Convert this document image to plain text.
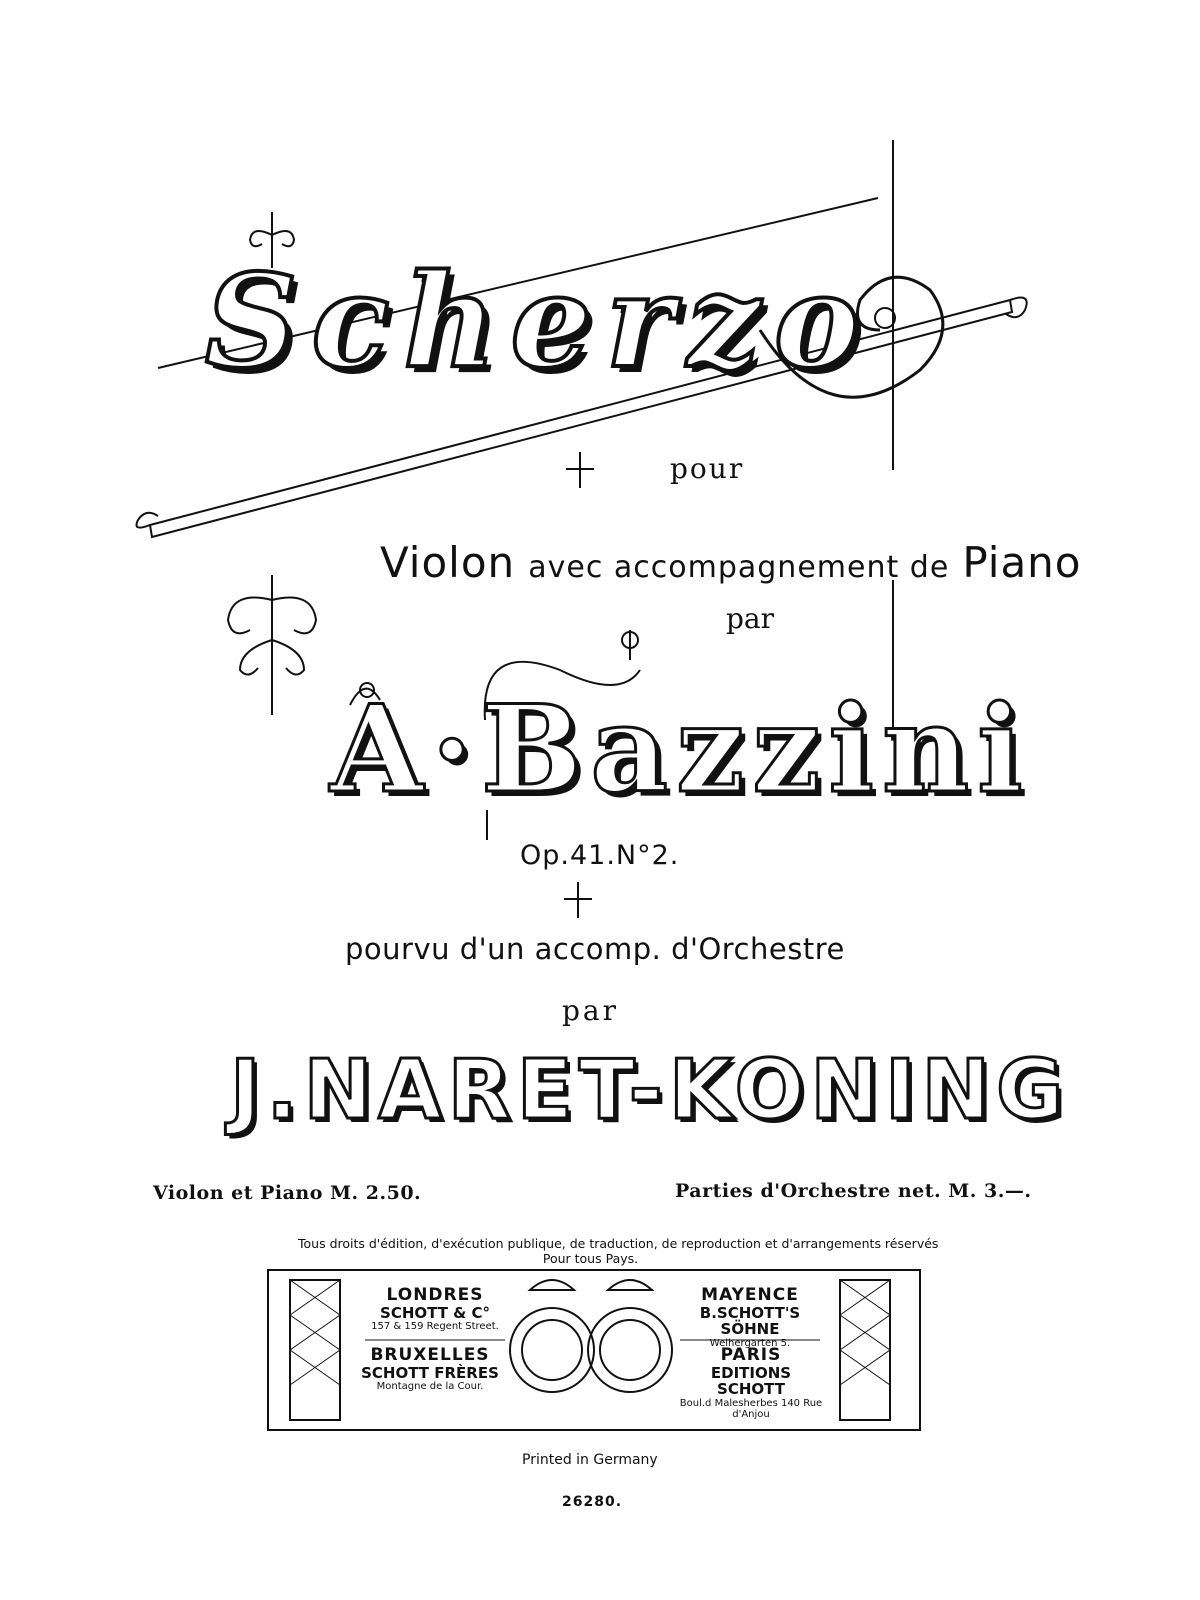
Scherzo
pour
Violon avec accompagnement de Piano
par
A·Bazzini
Op.41.N°2.
pourvu d'un accomp. d'Orchestre
par
J.NARET-KONING
Violon et Piano M. 2.50.	Parties d'Orchestre net. M. 3.—.
Tous droits d'édition, d'exécution publique, de traduction, de reproduction et d'arrangements réservés
Pour tous Pays.
LONDRES
SCHOTT & C°
157 & 159 Regent Street.
BRUXELLES
SCHOTT FRÈRES
Montagne de la Cour.
MAYENCE
B.SCHOTT'S SÖHNE
Weihergarten 5.
PARIS
EDITIONS SCHOTT
Boul.d Malesherbes 140 Rue d'Anjou
Printed in Germany
26280.
